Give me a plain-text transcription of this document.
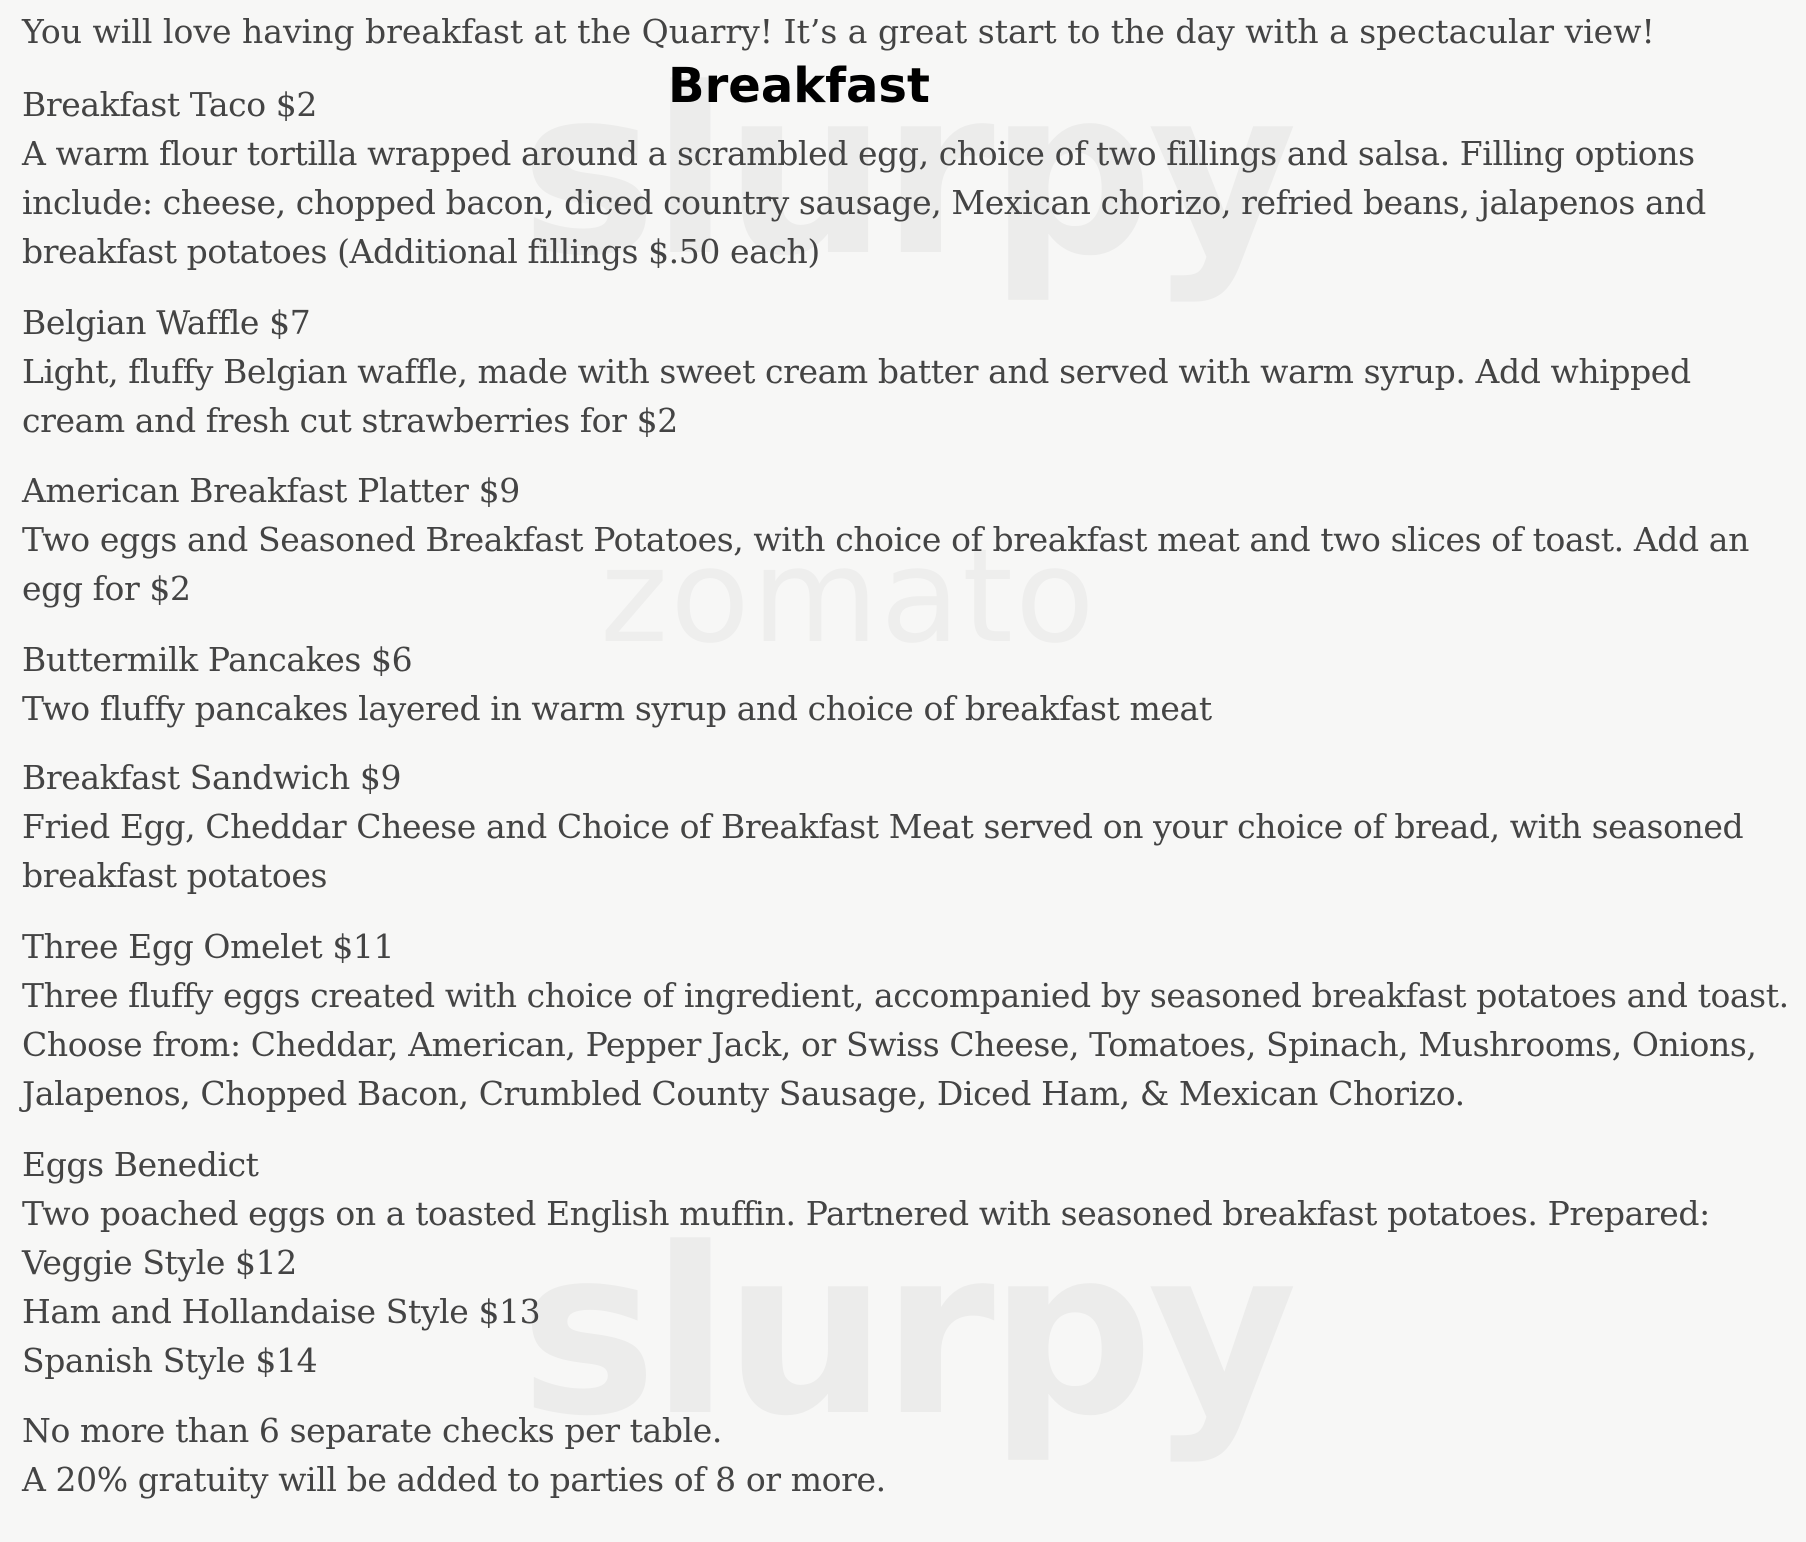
You will love having breakfast at the Quarry! It’s a great start to the day with a spectacular view!
Breakfast
Breakfast Taco $2
A warm flour tortilla wrapped around a scrambled egg, choice of two fillings and salsa. Filling options
include: cheese, chopped bacon, diced country sausage, Mexican chorizo, refried beans, jalapenos and
breakfast potatoes (Additional fillings $.50 each)
Belgian Waffle $7
Light, fluffy Belgian waffle, made with sweet cream batter and served with warm syrup. Add whipped
cream and fresh cut strawberries for $2
American Breakfast Platter $9
Two eggs and Seasoned Breakfast Potatoes, with choice of breakfast meat and two slices of toast. Add an
egg for $2
Buttermilk Pancakes $6
Two fluffy pancakes layered in warm syrup and choice of breakfast meat
Breakfast Sandwich $9
Fried Egg, Cheddar Cheese and Choice of Breakfast Meat served on your choice of bread, with seasoned
breakfast potatoes
Three Egg Omelet $11
Three fluffy eggs created with choice of ingredient, accompanied by seasoned breakfast potatoes and toast.
Choose from: Cheddar, American, Pepper Jack, or Swiss Cheese, Tomatoes, Spinach, Mushrooms, Onions,
Jalapenos, Chopped Bacon, Crumbled County Sausage, Diced Ham, & Mexican Chorizo.
Eggs Benedict
Two poached eggs on a toasted English muffin. Partnered with seasoned breakfast potatoes. Prepared:
Veggie Style $12
Ham and Hollandaise Style $13
Spanish Style $14
No more than 6 separate checks per table.
A 20% gratuity will be added to parties of 8 or more.
